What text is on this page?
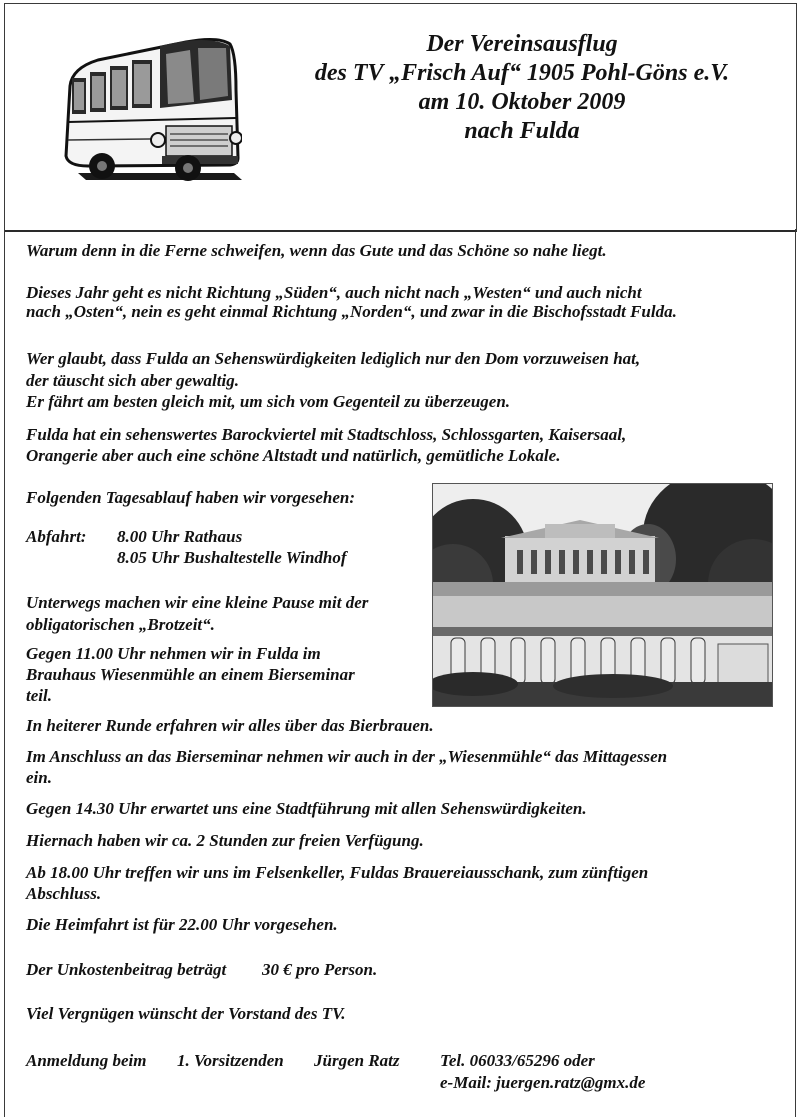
Der Vereinsausflug
des TV „Frisch Auf“ 1905 Pohl-Göns e.V.
am 10. Oktober 2009
nach Fulda
Warum denn in die Ferne schweifen, wenn das Gute und das Schöne so nahe liegt.
Dieses Jahr geht es nicht Richtung „Süden“, auch nicht nach „Westen“ und auch nicht
nach „Osten“, nein es geht einmal Richtung „Norden“, und zwar in die Bischofsstadt Fulda.
Wer glaubt, dass Fulda an Sehenswürdigkeiten lediglich nur den Dom vorzuweisen hat,
der täuscht sich aber gewaltig.
Er fährt am besten gleich mit, um sich vom Gegenteil zu überzeugen.
Fulda hat ein sehenswertes Barockviertel mit Stadtschloss, Schlossgarten, Kaisersaal,
Orangerie aber auch eine schöne Altstadt und natürlich, gemütliche Lokale.
Folgenden Tagesablauf haben wir vorgesehen:
Abfahrt: 8.00 Uhr Rathaus
8.05 Uhr Bushaltestelle Windhof
Unterwegs machen wir eine kleine Pause mit der
obligatorischen „Brotzeit“.
Gegen 11.00 Uhr nehmen wir in Fulda im
Brauhaus Wiesenmühle an einem Bierseminar
teil.
In heiterer Runde erfahren wir alles über das Bierbrauen.
Im Anschluss an das Bierseminar nehmen wir auch in der „Wiesenmühle“ das Mittagessen
ein.
Gegen 14.30 Uhr erwartet uns eine Stadtführung mit allen Sehenswürdigkeiten.
Hiernach haben wir ca. 2 Stunden zur freien Verfügung.
Ab 18.00 Uhr treffen wir uns im Felsenkeller, Fuldas Brauereiausschank, zum zünftigen
Abschluss.
Die Heimfahrt ist für 22.00 Uhr vorgesehen.
Der Unkostenbeitrag beträgt 30 € pro Person.
Viel Vergnügen wünscht der Vorstand des TV.
Anmeldung beim 1. Vorsitzenden Jürgen Ratz Tel. 06033/65296 oder
e-Mail: juergen.ratz@gmx.de
